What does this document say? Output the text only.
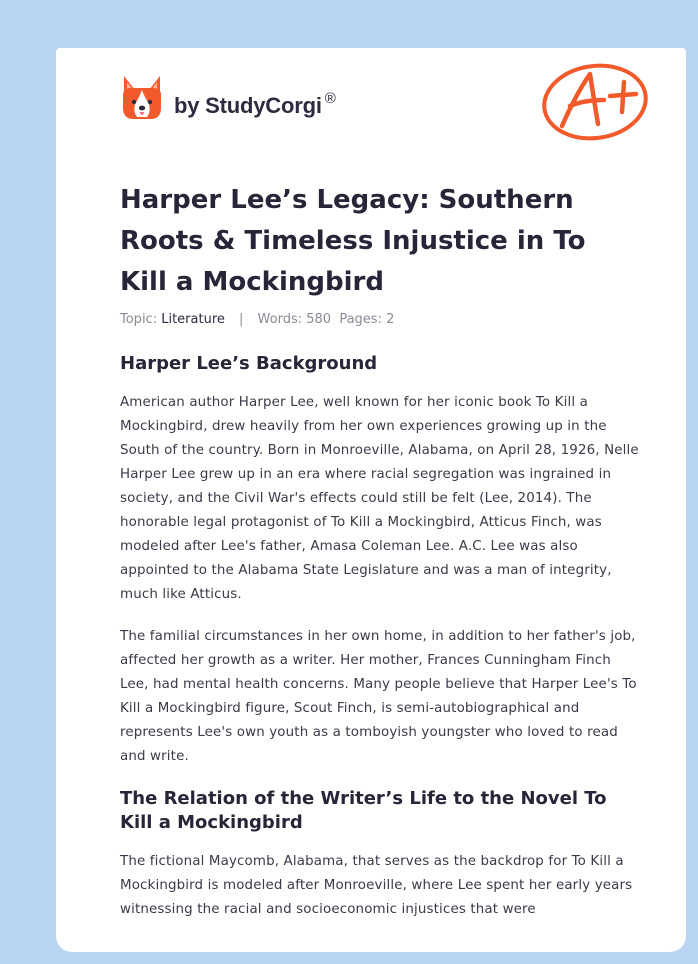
by StudyCorgi ®
Harper Lee’s Legacy: Southern Roots & Timeless Injustice in To Kill a Mockingbird
Topic: Literature | Words: 580 Pages: 2
Harper Lee’s Background

American author Harper Lee, well known for her iconic book To Kill a Mockingbird, drew heavily from her own experiences growing up in the South of the country. Born in Monroeville, Alabama, on April 28, 1926, Nelle Harper Lee grew up in an era where racial segregation was ingrained in society, and the Civil War's effects could still be felt (Lee, 2014). The honorable legal protagonist of To Kill a Mockingbird, Atticus Finch, was modeled after Lee's father, Amasa Coleman Lee. A.C. Lee was also appointed to the Alabama State Legislature and was a man of integrity, much like Atticus.

The familial circumstances in her own home, in addition to her father's job, affected her growth as a writer. Her mother, Frances Cunningham Finch Lee, had mental health concerns. Many people believe that Harper Lee's To Kill a Mockingbird figure, Scout Finch, is semi-autobiographical and represents Lee's own youth as a tomboyish youngster who loved to read and write.

The Relation of the Writer’s Life to the Novel To Kill a Mockingbird

The fictional Maycomb, Alabama, that serves as the backdrop for To Kill a Mockingbird is modeled after Monroeville, where Lee spent her early years witnessing the racial and socioeconomic injustices that were
